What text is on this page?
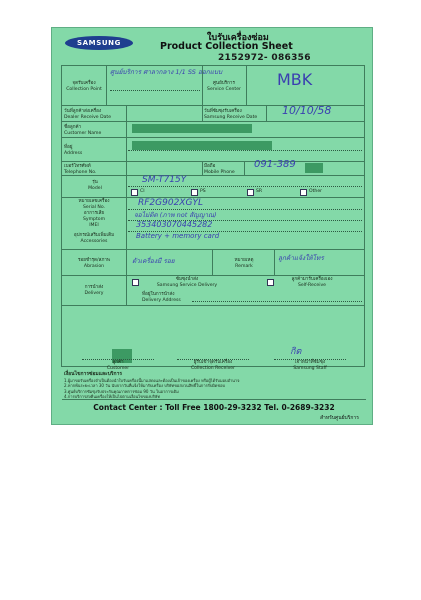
SAMSUNG	ใบรับเครื่องซ่อม
Product Collection Sheet
2152972- 086356
จุดรับเครื่อง
Collection Point
ศูนย์บริการ ศาลากลาง 1/1 SS ออกแบบ
ศูนย์บริการ
Service Center MBK
วันที่ลูกค้าส่งเครื่อง
Dealer Receive Date
วันที่ซัมซุงรับเครื่อง
Samsung Receive Date	10/10/58
ชื่อลูกค้า
Customer Name
ที่อยู่
Address
เบอร์โทรศัพท์
Telephone No.
มือถือ
Mobile Phone
091-389
รุ่น
Model
SM-T715Y
CI	PS	SR	Other
หมายเลขเครื่อง
Serial No.	RF2G902XGYL
อาการเสีย
Symptom	จอไม่ติด (ภาพ not สัญญาณ)
IMEI	353403070445282
อุปกรณ์เสริมเพิ่มเติม
Accessories
Battery + memory card
รอยชำรุด/สภาพ
Abrasion
ตัวเครื่องมี รอย	หมายเหตุ
Remark
ลูกค้าแจ้งให้โทร
การนำส่ง
Delivery
ซัมซุงนำส่ง
Samsung Service Delivery
ลูกค้ามารับเครื่องเอง
Self-Receive
ที่อยู่ในการนำส่ง
Delivery Address
กิต
ลูกค้า
Customer
ผู้รับเข้าจุดรับเครื่อง
Collection Receiver
เจ้าหน้าที่ซัมซุง
Samsung Staff
เงื่อนไขการซ่อมและบริการ
1.ผู้มาขอรับเครื่องจำเป็นต้องนำใบรับเครื่องนี้มาแสดงและต้องเป็นเจ้าของเครื่อง หรือผู้ได้รับมอบอำนาจ
2.หากพ้นระยะเวลา 30 วัน นับจากวันที่แจ้งให้มารับเครื่อง บริษัทขอสงวนสิทธิ์ในการรับผิดชอบ
3.ศูนย์บริการซัมซุงรับประกันคุณภาพการซ่อม 90 วัน ในอาการเดิม
4.การบริการส่งคืนเครื่องให้เป็นไปตามเงื่อนไขของบริษัท
Contact Center : Toll Free 1800-29-3232 Tel. 0-2689-3232
สำหรับศูนย์บริการ
